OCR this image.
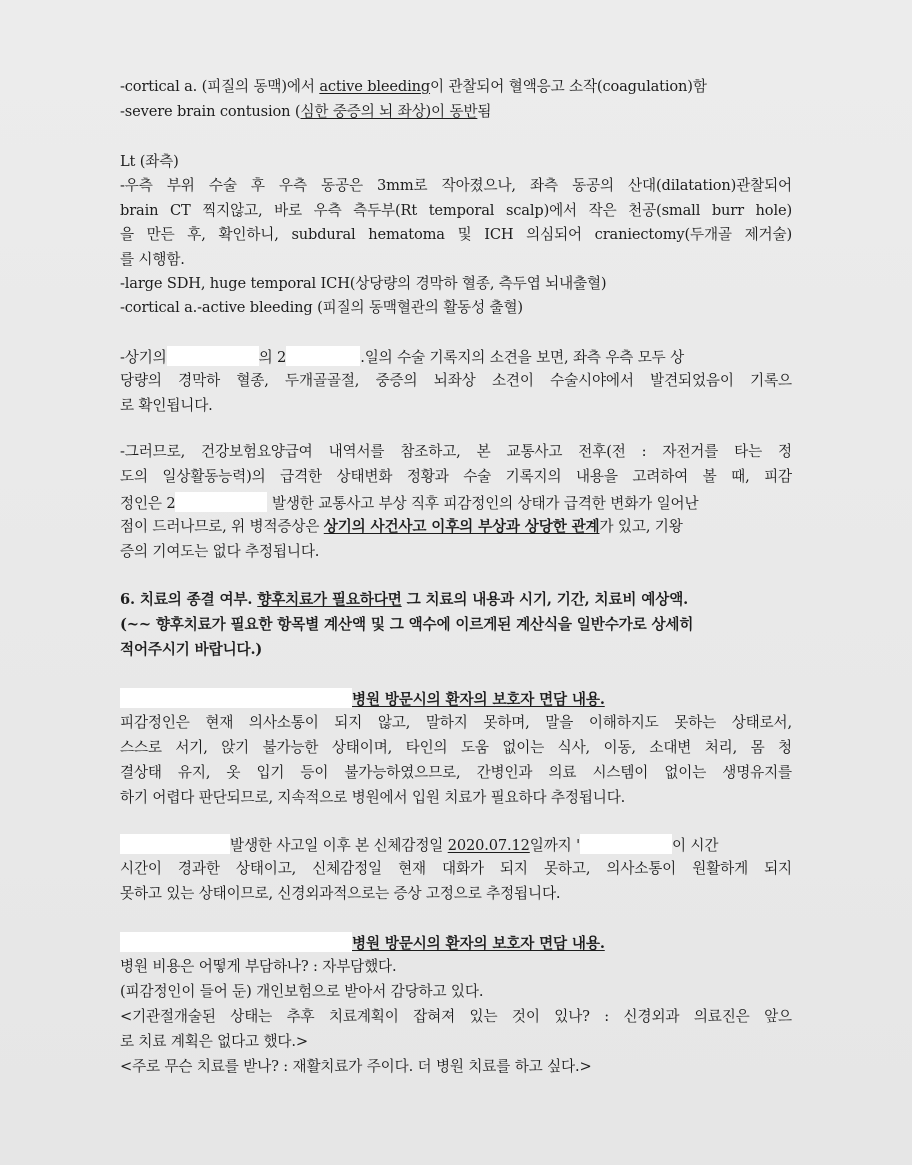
-cortical a. (피질의 동맥)에서 active bleeding이 관찰되어 혈액응고 소작(coagulation)함
-severe brain contusion (심한 중증의 뇌 좌상)이 동반됨
Lt (좌측)
-우측 부위 수술 후 우측 동공은 3mm로 작아졌으나, 좌측 동공의 산대(dilatation)관찰되어
brain CT 찍지않고, 바로 우측 측두부(Rt temporal scalp)에서 작은 천공(small burr hole)
을 만든 후, 확인하니, subdural hematoma 및 ICH 의심되어 craniectomy(두개골 제거술)
를 시행함.
-large SDH, huge temporal ICH(상당량의 경막하 혈종, 측두엽 뇌내출혈)
-cortical a.-active bleeding (피질의 동맥혈관의 활동성 출혈)
-상기의	의 2	.일의 수술 기록지의 소견을 보면, 좌측 우측 모두 상
당량의 경막하 혈종, 두개골골절, 중증의 뇌좌상 소견이 수술시야에서 발견되었음이 기록으
로 확인됩니다.
-그러므로, 건강보험요양급여 내역서를 참조하고, 본 교통사고 전후(전 : 자전거를 타는 정
도의 일상활동능력)의 급격한 상태변화 정황과 수술 기록지의 내용을 고려하여 볼 때, 피감
정인은 2	발생한 교통사고 부상 직후 피감정인의 상태가 급격한 변화가 일어난
점이 드러나므로, 위 병적증상은 상기의 사건사고 이후의 부상과 상당한 관계가 있고, 기왕
증의 기여도는 없다 추정됩니다.
6. 치료의 종결 여부. 향후치료가 필요하다면 그 치료의 내용과 시기, 기간, 치료비 예상액.
(~~ 향후치료가 필요한 항목별 계산액 및 그 액수에 이르게된 계산식을 일반수가로 상세히
적어주시기 바랍니다.)
병원 방문시의 환자의 보호자 면담 내용.
피감정인은 현재 의사소통이 되지 않고, 말하지 못하며, 말을 이해하지도 못하는 상태로서,
스스로 서기, 앉기 불가능한 상태이며, 타인의 도움 없이는 식사, 이동, 소대변 처리, 몸 청
결상태 유지, 옷 입기 등이 불가능하였으므로, 간병인과 의료 시스템이 없이는 생명유지를
하기 어렵다 판단되므로, 지속적으로 병원에서 입원 치료가 필요하다 추정됩니다.
발생한 사고일 이후 본 신체감정일 2020.07.12일까지 '	이 시간
시간이 경과한 상태이고, 신체감정일 현재 대화가 되지 못하고, 의사소통이 원활하게 되지
못하고 있는 상태이므로, 신경외과적으로는 증상 고정으로 추정됩니다.
병원 방문시의 환자의 보호자 면담 내용.
병원 비용은 어떻게 부담하나? : 자부담했다.
(피감정인이 들어 둔) 개인보험으로 받아서 감당하고 있다.
<기관절개술된 상태는 추후 치료계획이 잡혀져 있는 것이 있나? : 신경외과 의료진은 앞으
로 치료 계획은 없다고 했다.>
<주로 무슨 치료를 받나? : 재활치료가 주이다. 더 병원 치료를 하고 싶다.>
